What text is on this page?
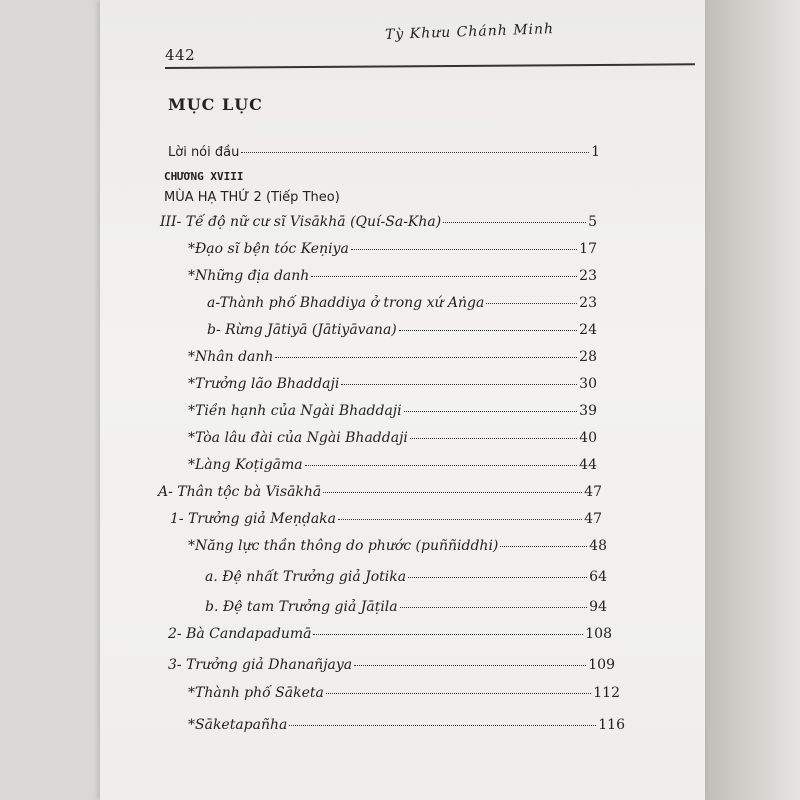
Tỳ Khưu Chánh Minh
442
MỤC LỤC
CHƯƠNG XVIII
MÙA HẠ THỨ 2 (Tiếp Theo)
Lời nói đầu	1
III- Tế độ nữ cư sĩ Visākhā (Quí-Sa-Kha)	5
*Đạo sĩ bện tóc Keṇiya	17
*Những địa danh	23
a-Thành phố Bhaddiya ở trong xứ Aṅga	23
b- Rừng Jātiyā (Jātiyāvana)	24
*Nhân danh	28
*Trưởng lão Bhaddaji	30
*Tiền hạnh của Ngài Bhaddaji	39
*Tòa lâu đài của Ngài Bhaddaji	40
*Làng Koṭigāma	44
A- Thân tộc bà Visākhā	47
1- Trưởng giả Meṇḍaka	47
*Năng lực thần thông do phước (puññiddhi)	48
a. Đệ nhất Trưởng giả Jotika	64
b. Đệ tam Trưởng giả Jāṭila	94
2- Bà Candapadumā	108
3- Trưởng giả Dhanañjaya	109
*Thành phố Sāketa	112
*Sāketapañha	116
